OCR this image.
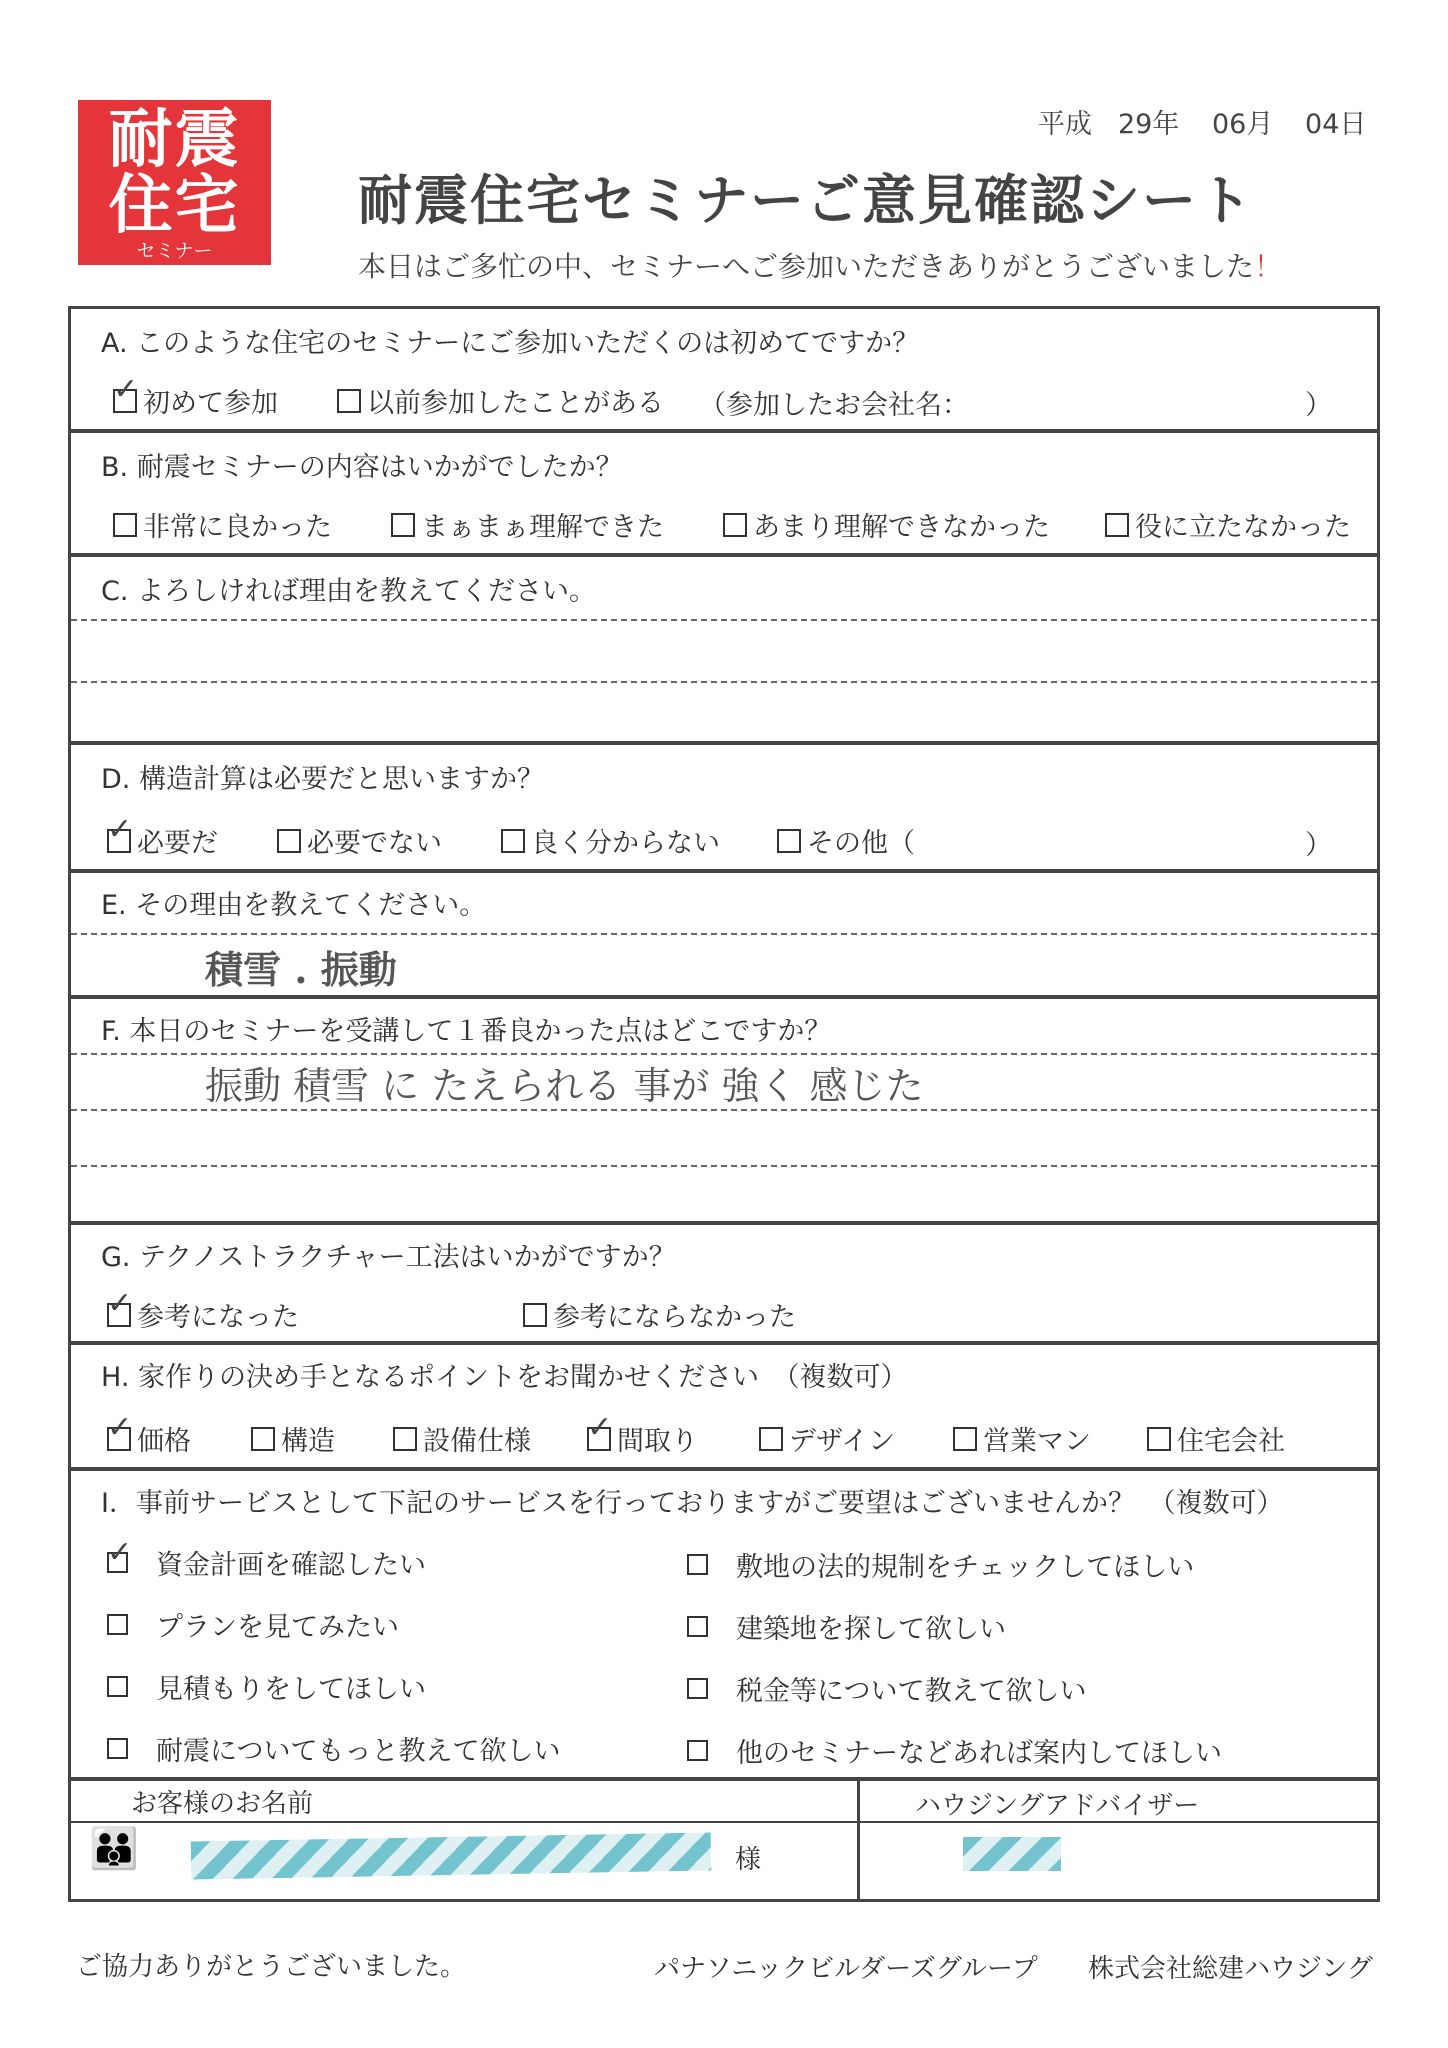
耐震
住宅
セミナー
平成 29年 06月 04日
耐震住宅セミナーご意見確認シート
本日はご多忙の中、セミナーへご参加いただきありがとうございました！
A. このような住宅のセミナーにご参加いただくのは初めてですか？
✓ 初めて参加	以前参加したことがある （参加したお会社名：	）
B. 耐震セミナーの内容はいかがでしたか？
非常に良かった	まぁまぁ理解できた	あまり理解できなかった	役に立たなかった
C. よろしければ理由を教えてください。
D. 構造計算は必要だと思いますか？
✓ 必要だ	必要でない	良く分からない	その他（	）
E. その理由を教えてください。
積雪 . 振動
F. 本日のセミナーを受講して１番良かった点はどこですか？
振動 積雪 に たえられる 事が 強く 感じた
G. テクノストラクチャー工法はいかがですか？
✓ 参考になった	参考にならなかった
H. 家作りの決め手となるポイントをお聞かせください　（複数可）
✓ 価格	構造	設備仕様 ✓ 間取り	デザイン	営業マン	住宅会社
I．事前サービスとして下記のサービスを行っておりますがご要望はございませんか？　（複数可）
✓ 資金計画を確認したい
プランを見てみたい
見積もりをしてほしい
耐震についてもっと教えて欲しい
敷地の法的規制をチェックしてほしい
建築地を探して欲しい
税金等について教えて欲しい
他のセミナーなどあれば案内してほしい
お客様のお名前	ハウジングアドバイザー
👪	様
ご協力ありがとうございました。	パナソニックビルダーズグループ 株式会社総建ハウジング
